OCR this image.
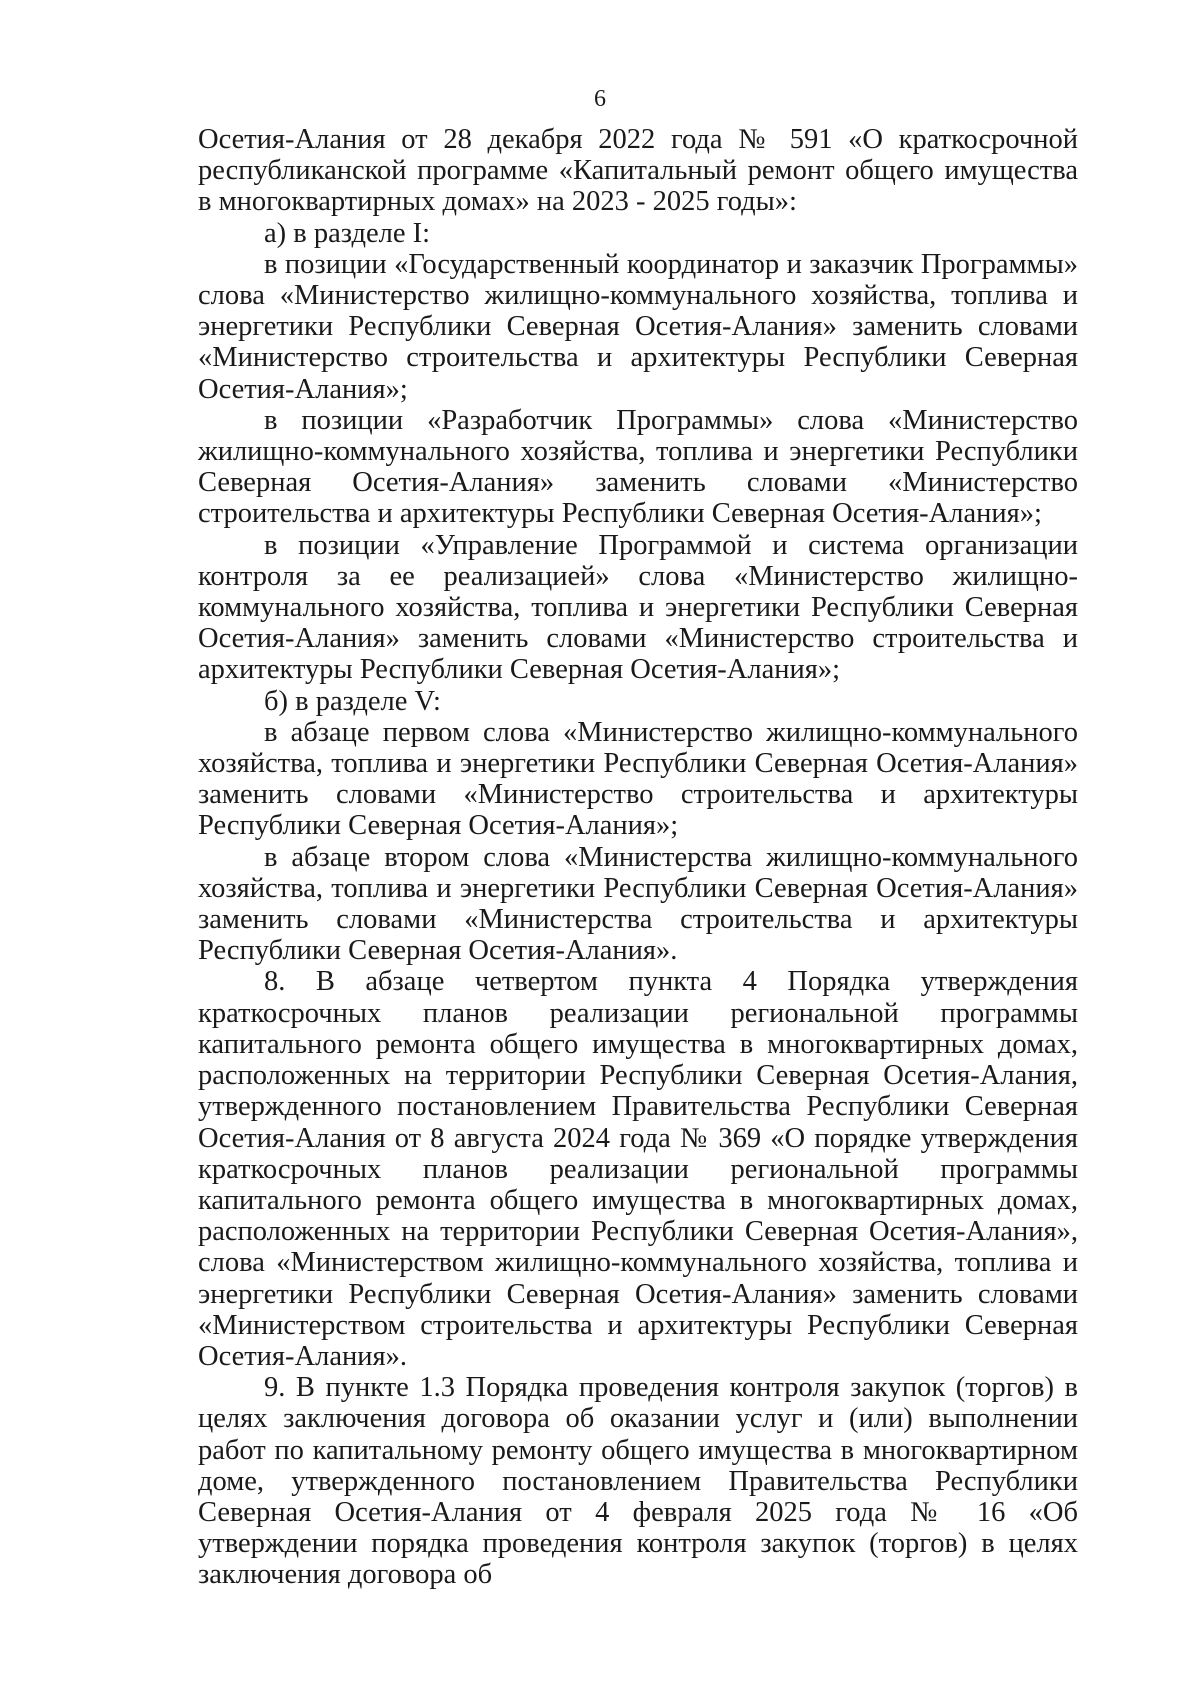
6

Осетия-Алания от 28 декабря 2022 года № 591 «О краткосрочной республиканской программе «Капитальный ремонт общего имущества в многоквартирных домах» на 2023 - 2025 годы»:

а) в разделе I:

в позиции «Государственный координатор и заказчик Программы» слова «Министерство жилищно-коммунального хозяйства, топлива и энергетики Республики Северная Осетия-Алания» заменить словами «Министерство строительства и архитектуры Республики Северная Осетия-Алания»;

в позиции «Разработчик Программы» слова «Министерство жилищно-коммунального хозяйства, топлива и энергетики Республики Северная Осетия-Алания» заменить словами «Министерство строительства и архитектуры Республики Северная Осетия-Алания»;

в позиции «Управление Программой и система организации контроля за ее реализацией» слова «Министерство жилищно-коммунального хозяйства, топлива и энергетики Республики Северная Осетия-Алания» заменить словами «Министерство строительства и архитектуры Республики Северная Осетия-Алания»;

б) в разделе V:

в абзаце первом слова «Министерство жилищно-коммунального хозяйства, топлива и энергетики Республики Северная Осетия-Алания» заменить словами «Министерство строительства и архитектуры Республики Северная Осетия-Алания»;

в абзаце втором слова «Министерства жилищно-коммунального хозяйства, топлива и энергетики Республики Северная Осетия-Алания» заменить словами «Министерства строительства и архитектуры Республики Северная Осетия-Алания».

8. В абзаце четвертом пункта 4 Порядка утверждения краткосрочных планов реализации региональной программы капитального ремонта общего имущества в многоквартирных домах, расположенных на территории Республики Северная Осетия-Алания, утвержденного постановлением Правительства Республики Северная Осетия-Алания от 8 августа 2024 года № 369 «О порядке утверждения краткосрочных планов реализации региональной программы капитального ремонта общего имущества в многоквартирных домах, расположенных на территории Республики Северная Осетия-Алания», слова «Министерством жилищно-коммунального хозяйства, топлива и энергетики Республики Северная Осетия-Алания» заменить словами «Министерством строительства и архитектуры Республики Северная Осетия-Алания».

9. В пункте 1.3 Порядка проведения контроля закупок (торгов) в целях заключения договора об оказании услуг и (или) выполнении работ по капитальному ремонту общего имущества в многоквартирном доме, утвержденного постановлением Правительства Республики Северная Осетия-Алания от 4 февраля 2025 года № 16 «Об утверждении порядка проведения контроля закупок (торгов) в целях заключения договора об
